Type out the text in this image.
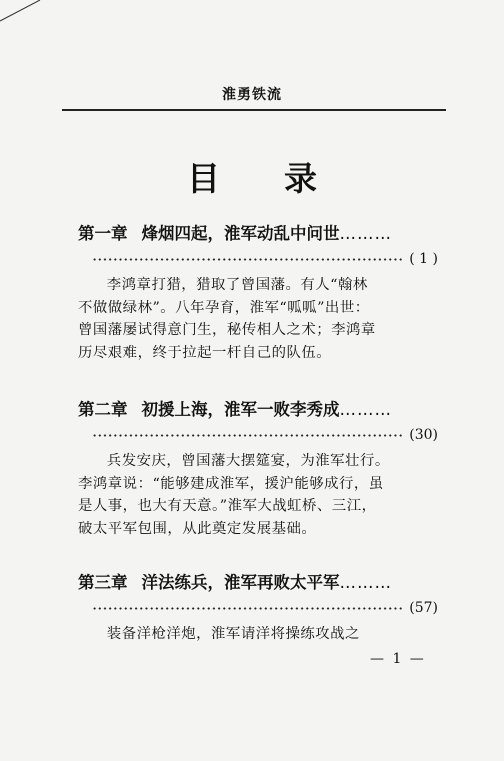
淮勇铁流
目 录
第一章 烽烟四起，淮军动乱中问世………
( 1 )
李鸿章打猎，猎取了曾国藩。有人“翰林
不做做绿林”。八年孕育，淮军“呱呱”出世：
曾国藩屡试得意门生，秘传相人之术；李鸿章
历尽艰难，终于拉起一杆自己的队伍。
第二章 初援上海，淮军一败李秀成………
(30)
兵发安庆，曾国藩大摆筵宴，为淮军壮行。
李鸿章说：“能够建成淮军，援沪能够成行，虽
是人事，也大有天意。”淮军大战虹桥、三江，
破太平军包围，从此奠定发展基础。
第三章 洋法练兵，淮军再败太平军………
(57)
装备洋枪洋炮，淮军请洋将操练攻战之
— 1 —
